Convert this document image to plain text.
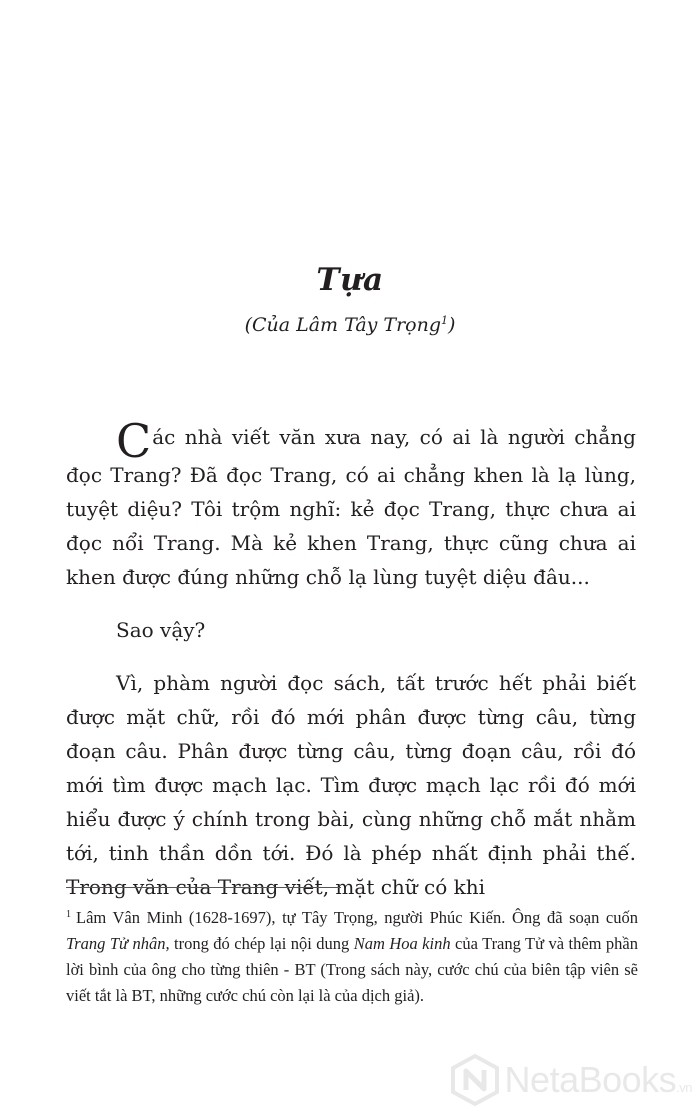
Tựa
(Của Lâm Tây Trọng$^1$)

Các nhà viết văn xưa nay, có ai là người chẳng đọc Trang? Đã đọc Trang, có ai chẳng khen là lạ lùng, tuyệt diệu? Tôi trộm nghĩ: kẻ đọc Trang, thực chưa ai đọc nổi Trang. Mà kẻ khen Trang, thực cũng chưa ai khen được đúng những chỗ lạ lùng tuyệt diệu đâu...

Sao vậy?

Vì, phàm người đọc sách, tất trước hết phải biết được mặt chữ, rồi đó mới phân được từng câu, từng đoạn câu. Phân được từng câu, từng đoạn câu, rồi đó mới tìm được mạch lạc. Tìm được mạch lạc rồi đó mới hiểu được ý chính trong bài, cùng những chỗ mắt nhằm tới, tinh thần dồn tới. Đó là phép nhất định phải thế. Trong văn của Trang viết, mặt chữ có khi

$^1$ Lâm Vân Minh (1628-1697), tự Tây Trọng, người Phúc Kiến. Ông đã soạn cuốn Trang Tử nhân, trong đó chép lại nội dung Nam Hoa kinh của Trang Tử và thêm phần lời bình của ông cho từng thiên - BT (Trong sách này, cước chú của biên tập viên sẽ viết tắt là BT, những cước chú còn lại là của dịch giả).
NetaBooks.vn
